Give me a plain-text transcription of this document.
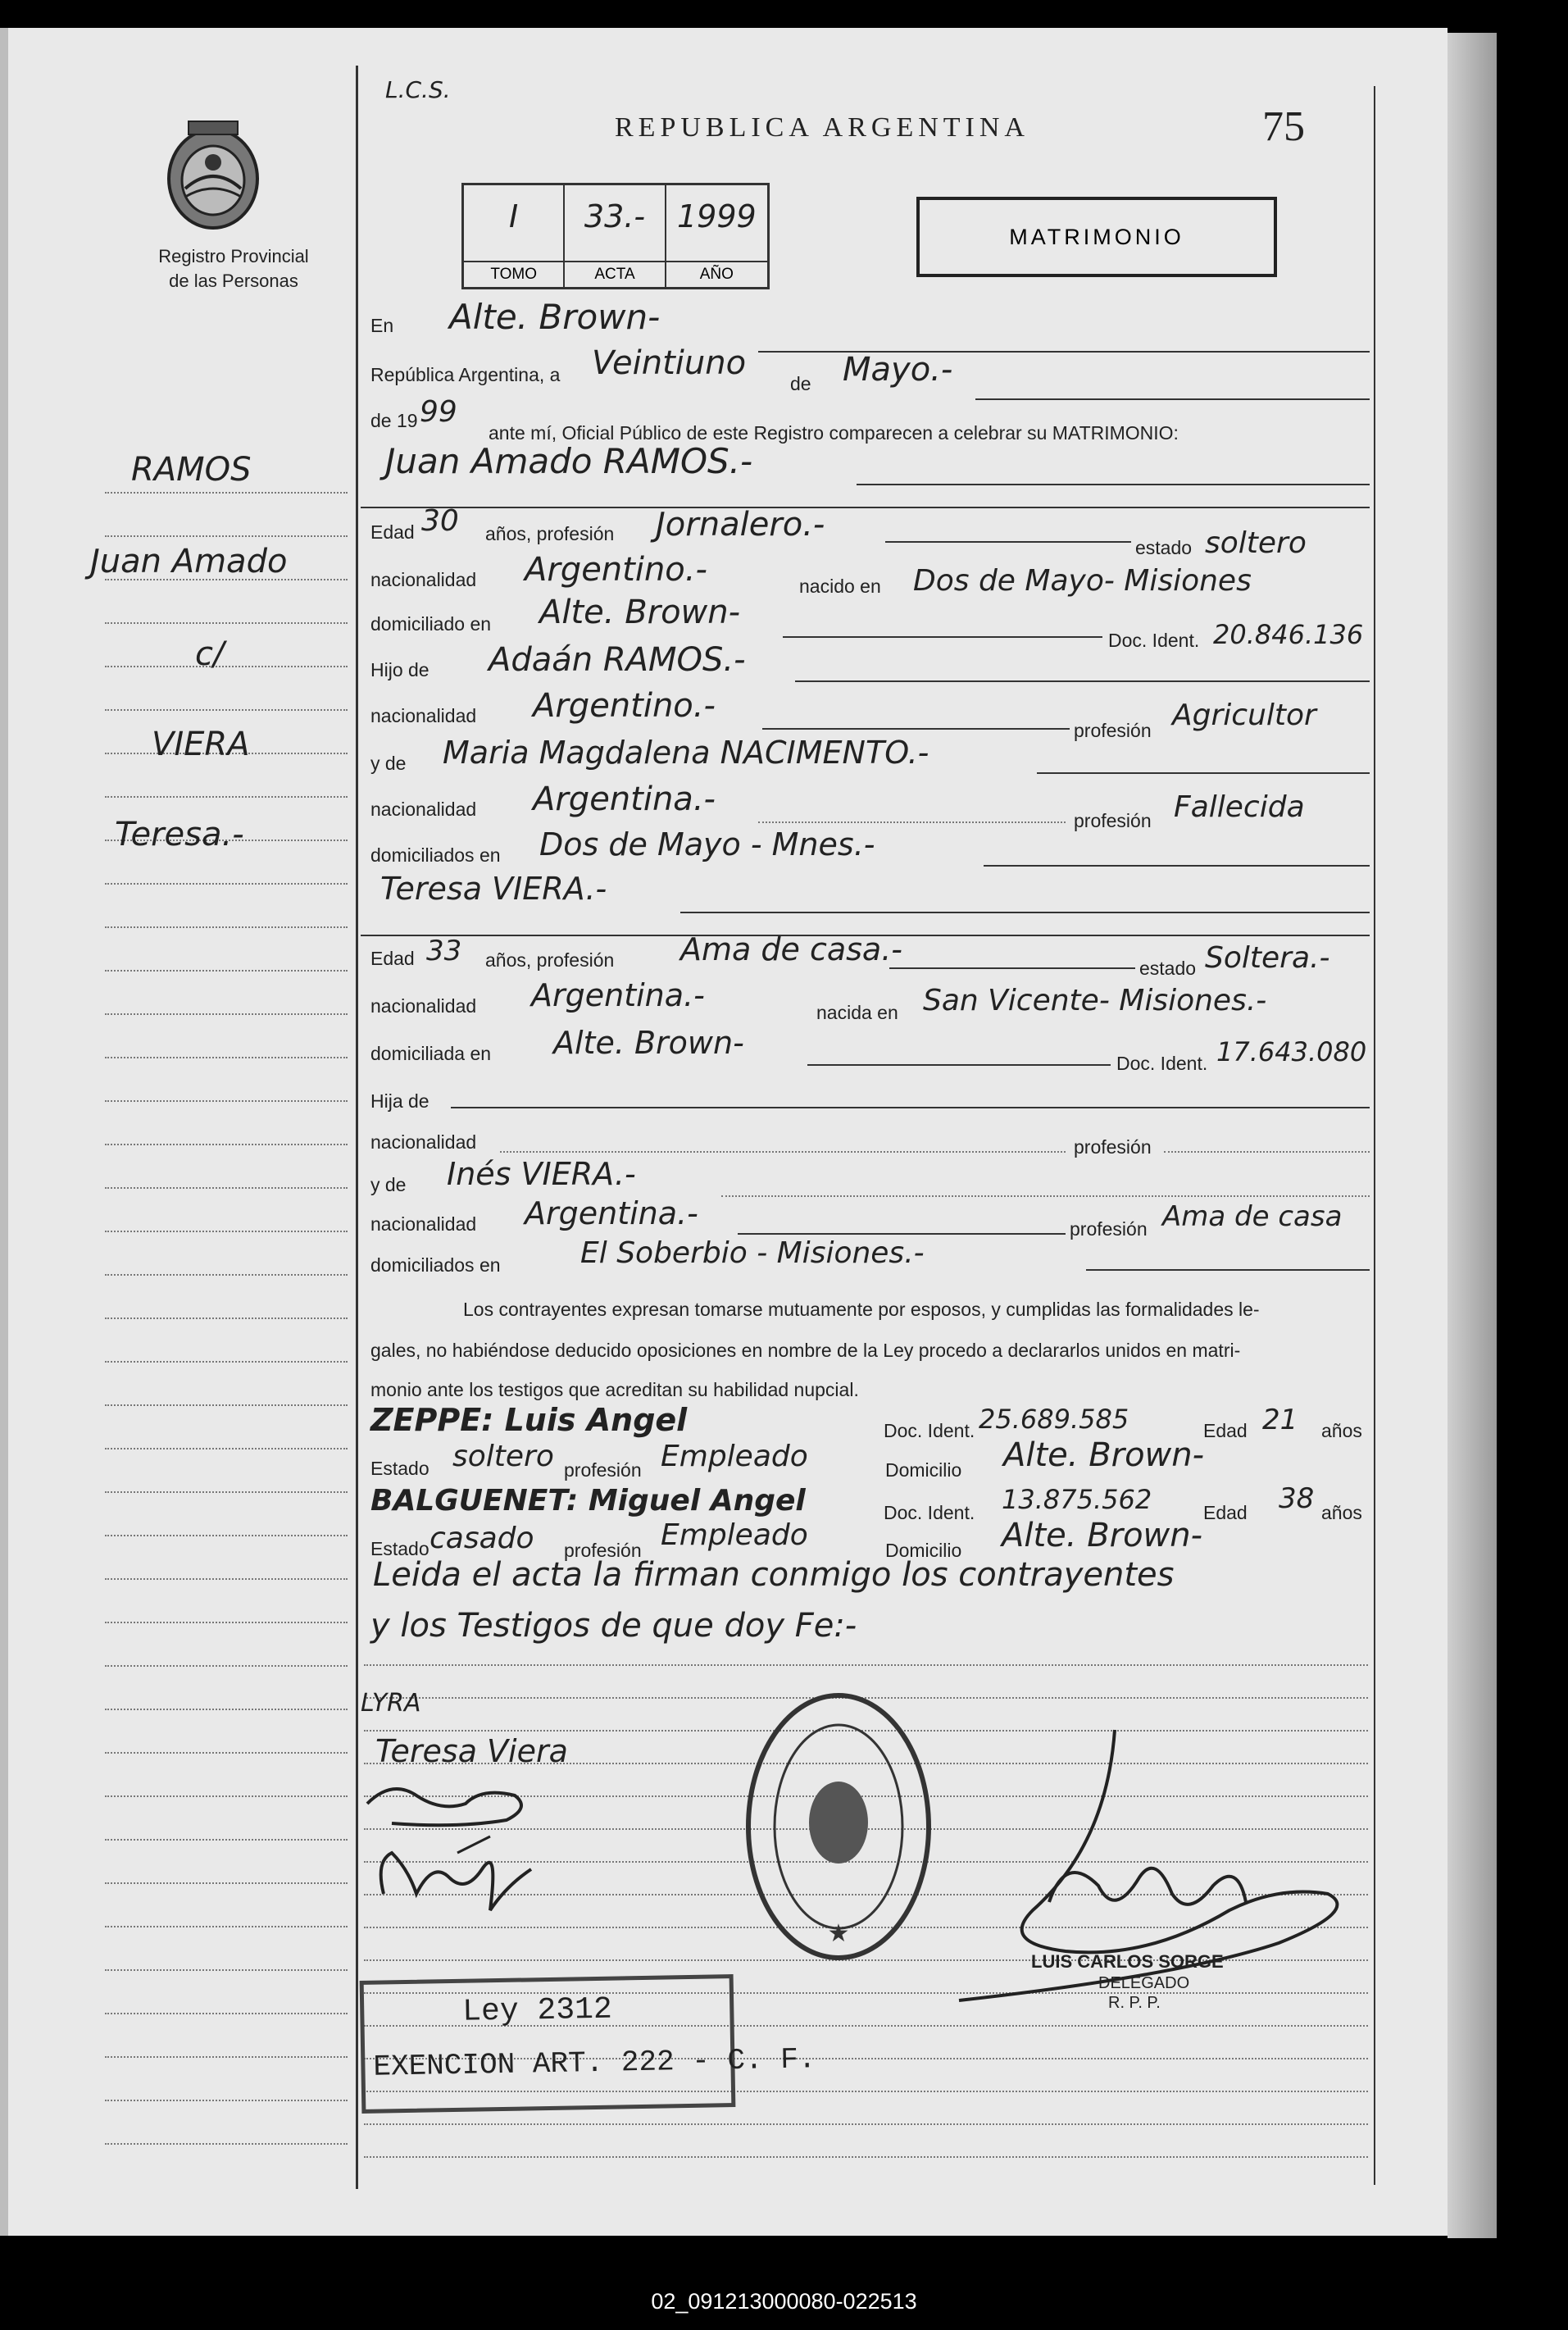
L.C.S.
REPUBLICA ARGENTINA	75
Registro Provincial
de las Personas
I
TOMO
33.-
ACTA
1999
AÑO
MATRIMONIO
RAMOS
Juan Amado
c/
VIERA
Teresa.-
En Alte. Brown-
República Argentina, a Veintiuno
de Mayo.-
de 19 99
ante mí, Oficial Público de este Registro comparecen a celebrar su MATRIMONIO:
Juan Amado RAMOS.-
Edad 30 años, profesión Jornalero.-
estado soltero
nacionalidad Argentino.-	nacido en Dos de Mayo- Misiones
domiciliado en Alte. Brown-
Doc. Ident. 20.846.136
Hijo de Adaán RAMOS.-
nacionalidad Argentino.-
profesión Agricultor
y de Maria Magdalena NACIMENTO.-
nacionalidad Argentina.-
profesión Fallecida
domiciliados en Dos de Mayo - Mnes.-
Teresa VIERA.-
Edad 33 años, profesión Ama de casa.-
estado Soltera.-
nacionalidad Argentina.-	nacida en San Vicente- Misiones.-
domiciliada en Alte. Brown-
Doc. Ident. 17.643.080
Hija de
nacionalidad	profesión
y de Inés VIERA.-
nacionalidad Argentina.-	profesión Ama de casa
domiciliados en	El Soberbio - Misiones.-
Los contrayentes expresan tomarse mutuamente por esposos, y cumplidas las formalidades le-
gales, no habiéndose deducido oposiciones en nombre de la Ley procedo a declararlos unidos en matri-
monio ante los testigos que acreditan su habilidad nupcial.
ZEPPE: Luis Angel	Doc. Ident. 25.689.585	Edad 21 años
Estado soltero profesión Empleado	Domicilio Alte. Brown-
BALGUENET: Miguel Angel	Doc. Ident. 13.875.562	Edad 38 años
Estado casado profesión Empleado	Domicilio Alte. Brown-
Leida el acta la firman conmigo los contrayentes
y los Testigos de que doy Fe:-
LYRA
Teresa Viera
★
LUIS CARLOS SORGE
DELEGADO
R. P. P.
Ley 2312
EXENCION ART. 222 - C. F.
02_091213000080-022513
